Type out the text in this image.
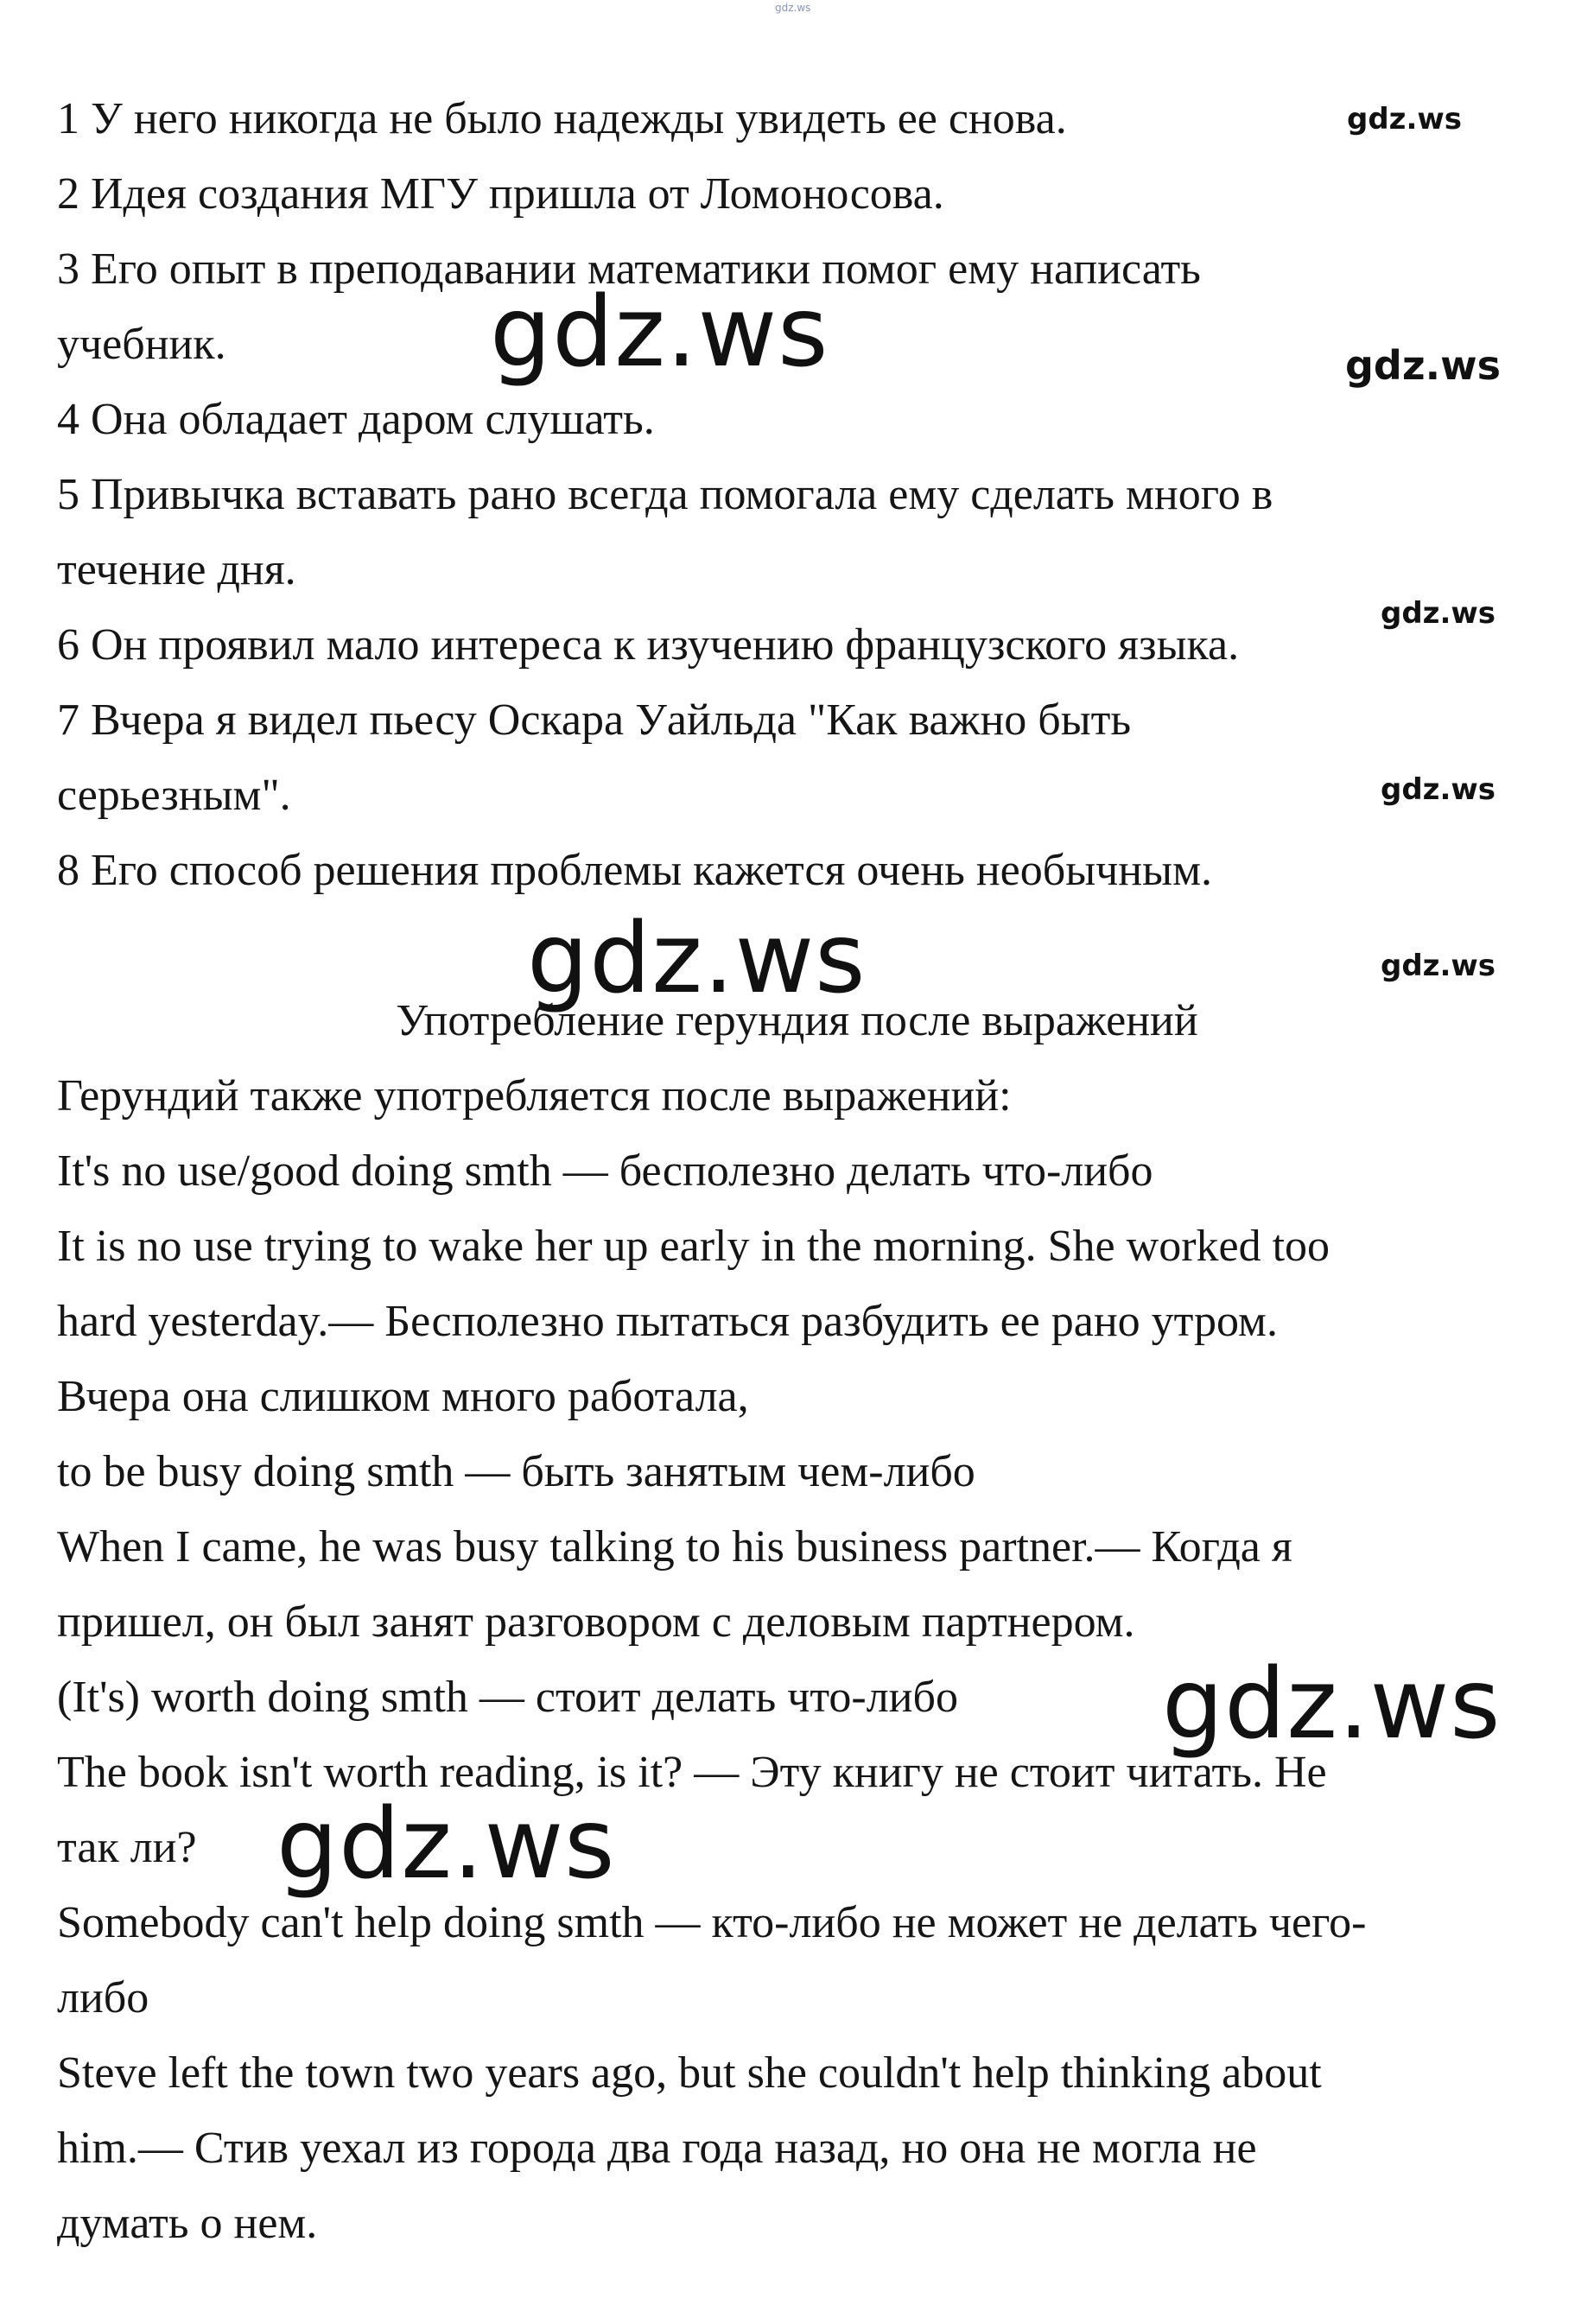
gdz.ws
1 У него никогда не было надежды увидеть ее снова.
2 Идея создания МГУ пришла от Ломоносова.
3 Его опыт в преподавании математики помог ему написать
учебник.
4 Она обладает даром слушать.
5 Привычка вставать рано всегда помогала ему сделать много в
течение дня.
6 Он проявил мало интереса к изучению французского языка.
7 Вчера я видел пьесу Оскара Уайльда "Как важно быть
серьезным".
8 Его способ решения проблемы кажется очень необычным.
Употребление герундия после выражений
Герундий также употребляется после выражений:
It's no use/good doing smth — бесполезно делать что-либо
It is no use trying to wake her up early in the morning. She worked too
hard yesterday.— Бесполезно пытаться разбудить ее рано утром.
Вчера она слишком много работала,
to be busy doing smth — быть занятым чем-либо
When I came, he was busy talking to his business partner.— Когда я
пришел, он был занят разговором с деловым партнером.
(It's) worth doing smth — стоит делать что-либо
The book isn't worth reading, is it? — Эту книгу не стоит читать. Не
так ли?
Somebody can't help doing smth — кто-либо не может не делать чего-
либо
Steve left the town two years ago, but she couldn't help thinking about
him.— Стив уехал из города два года назад, но она не могла не
думать о нем.
gdz.ws
gdz.ws
gdz.ws
gdz.ws
gdz.ws
gdz.ws
gdz.ws
gdz.ws
gdz.ws
